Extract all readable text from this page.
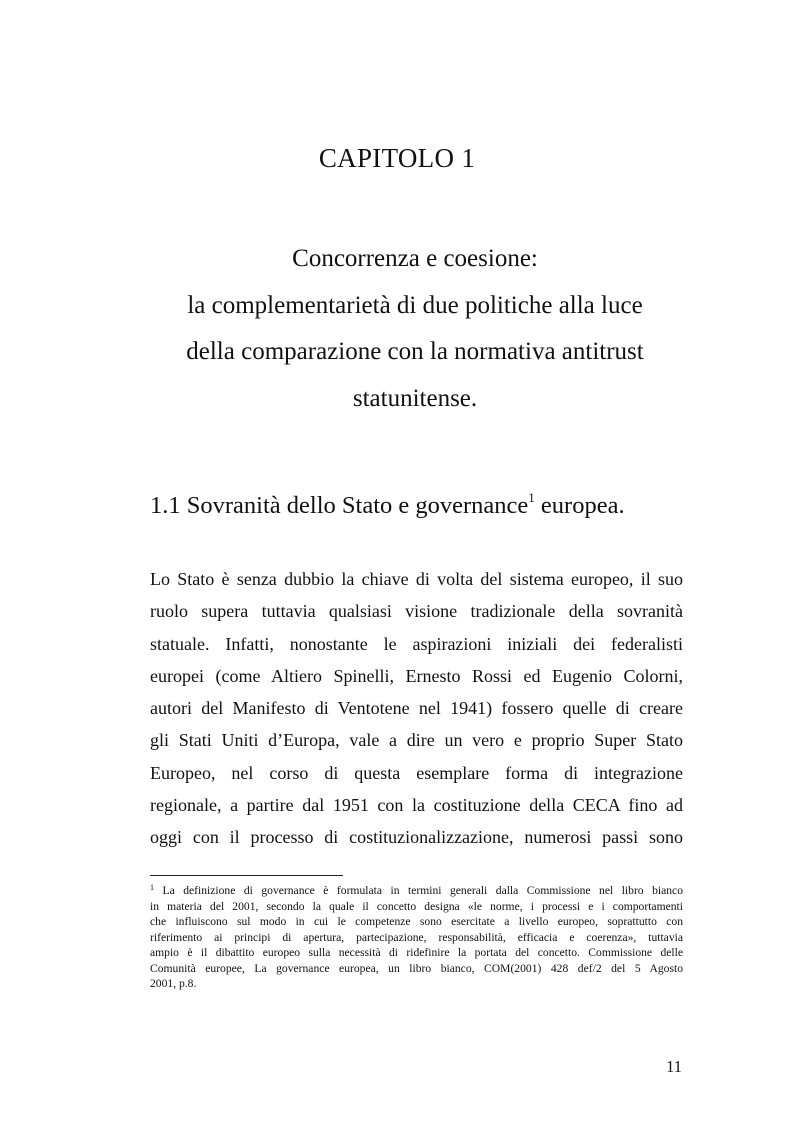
CAPITOLO 1
Concorrenza e coesione:
la complementarietà di due politiche alla luce
della comparazione con la normativa antitrust
statunitense.
1.1 Sovranità dello Stato e governance$^1$ europea.
Lo Stato è senza dubbio la chiave di volta del sistema europeo, il suo
ruolo supera tuttavia qualsiasi visione tradizionale della sovranità
statuale. Infatti, nonostante le aspirazioni iniziali dei federalisti
europei (come Altiero Spinelli, Ernesto Rossi ed Eugenio Colorni,
autori del Manifesto di Ventotene nel 1941) fossero quelle di creare
gli Stati Uniti d’Europa, vale a dire un vero e proprio Super Stato
Europeo, nel corso di questa esemplare forma di integrazione
regionale, a partire dal 1951 con la costituzione della CECA fino ad
oggi con il processo di costituzionalizzazione, numerosi passi sono
$^1$ La definizione di governance è formulata in termini generali dalla Commissione nel libro bianco
in materia del 2001, secondo la quale il concetto designa «le norme, i processi e i comportamenti
che influiscono sul modo in cui le competenze sono esercitate a livello europeo, soprattutto con
riferimento ai principi di apertura, partecipazione, responsabilità, efficacia e coerenza», tuttavia
ampio è il dibattito europeo sulla necessità di ridefinire la portata del concetto. Commissione delle
Comunità europee, La governance europea, un libro bianco, COM(2001) 428 def/2 del 5 Agosto
2001, p.8.
11
